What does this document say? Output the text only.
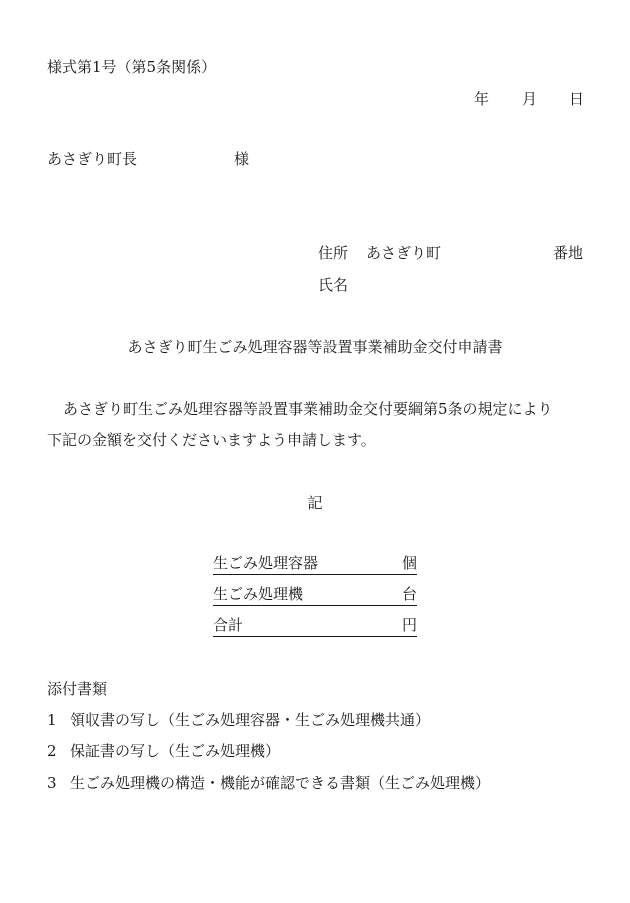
様式第1号（第5条関係）
年 月 日
あさぎり町長	様
住所 あさぎり町	番地
氏名
あさぎり町生ごみ処理容器等設置事業補助金交付申請書
あさぎり町生ごみ処理容器等設置事業補助金交付要綱第5条の規定により
下記の金額を交付くださいますよう申請します。
記
生ごみ処理容器	個
生ごみ処理機	台
合計	円
添付書類
1 領収書の写し（生ごみ処理容器・生ごみ処理機共通）
2 保証書の写し（生ごみ処理機）
3 生ごみ処理機の構造・機能が確認できる書類（生ごみ処理機）
